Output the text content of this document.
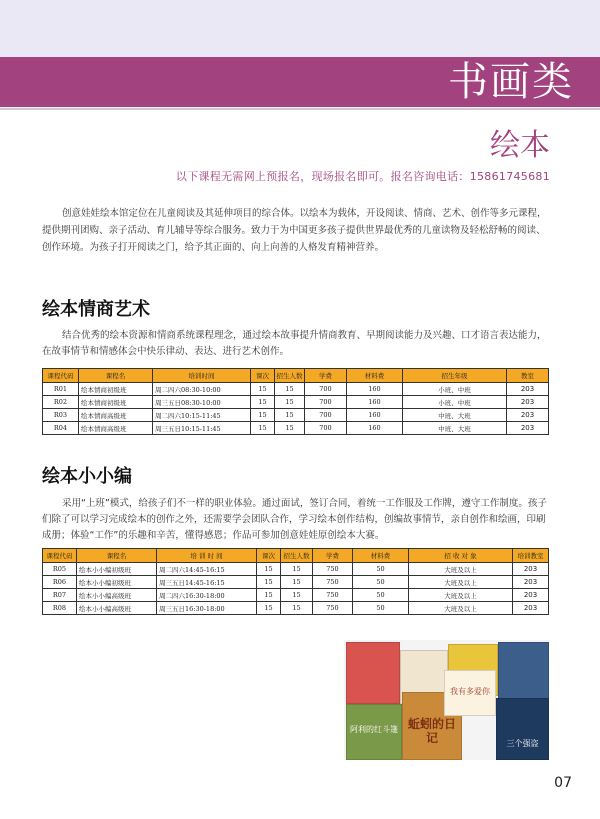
书画类
绘本
以下课程无需网上预报名，现场报名即可。报名咨询电话：15861745681

创意娃娃绘本馆定位在儿童阅读及其延伸项目的综合体。以绘本为载体，开设阅读、情商、艺术、创作等多元课程，提供期刊团购、亲子活动、育儿辅导等综合服务。致力于为中国更多孩子提供世界最优秀的儿童读物及轻松舒畅的阅读、创作环境。为孩子打开阅读之门，给予其正面的、向上向善的人格发育精神营养。

绘本情商艺术

结合优秀的绘本资源和情商系统课程理念，通过绘本故事提升情商教育、早期阅读能力及兴趣、口才语言表达能力，在故事情节和情感体会中快乐律动、表达、进行艺术创作。

课程代码	课程名	培训时间	课次	招生人数	学费	材料费	招生年级	教室
R01	绘本情商初级班	周二四六08:30-10:00	15	15	700	160	小班、中班	203
R02	绘本情商初级班	周三五日08:30-10:00	15	15	700	160	小班、中班	203
R03	绘本情商高级班	周二四六10:15-11:45	15	15	700	160	中班、大班	203
R04	绘本情商高级班	周三五日10:15-11:45	15	15	700	160	中班、大班	203
绘本小小编

采用“上班”模式，给孩子们不一样的职业体验。通过面试，签订合同，着统一工作服及工作牌，遵守工作制度。孩子们除了可以学习完成绘本的创作之外，还需要学会团队合作，学习绘本创作结构，创编故事情节，亲自创作和绘画，印刷成册；体验“工作”的乐趣和辛苦，懂得感恩；作品可参加创意娃娃原创绘本大赛。

课程代码	课程名	培 训 时 间	课次	招生人数	学费	材料费	招 收 对 象	培训教室
R05	绘本小小编初级班	周二四六14:45-16:15	15	15	750	50	大班及以上	203
R06	绘本小小编初级班	周三五日14:45-16:15	15	15	750	50	大班及以上	203
R07	绘本小小编高级班	周二四六16:30-18:00	15	15	750	50	大班及以上	203
R08	绘本小小编高级班	周三五日16:30-18:00	15	15	750	50	大班及以上	203
阿利的红斗篷 蚯蚓的日记
我有多爱你
三个强盗
07
